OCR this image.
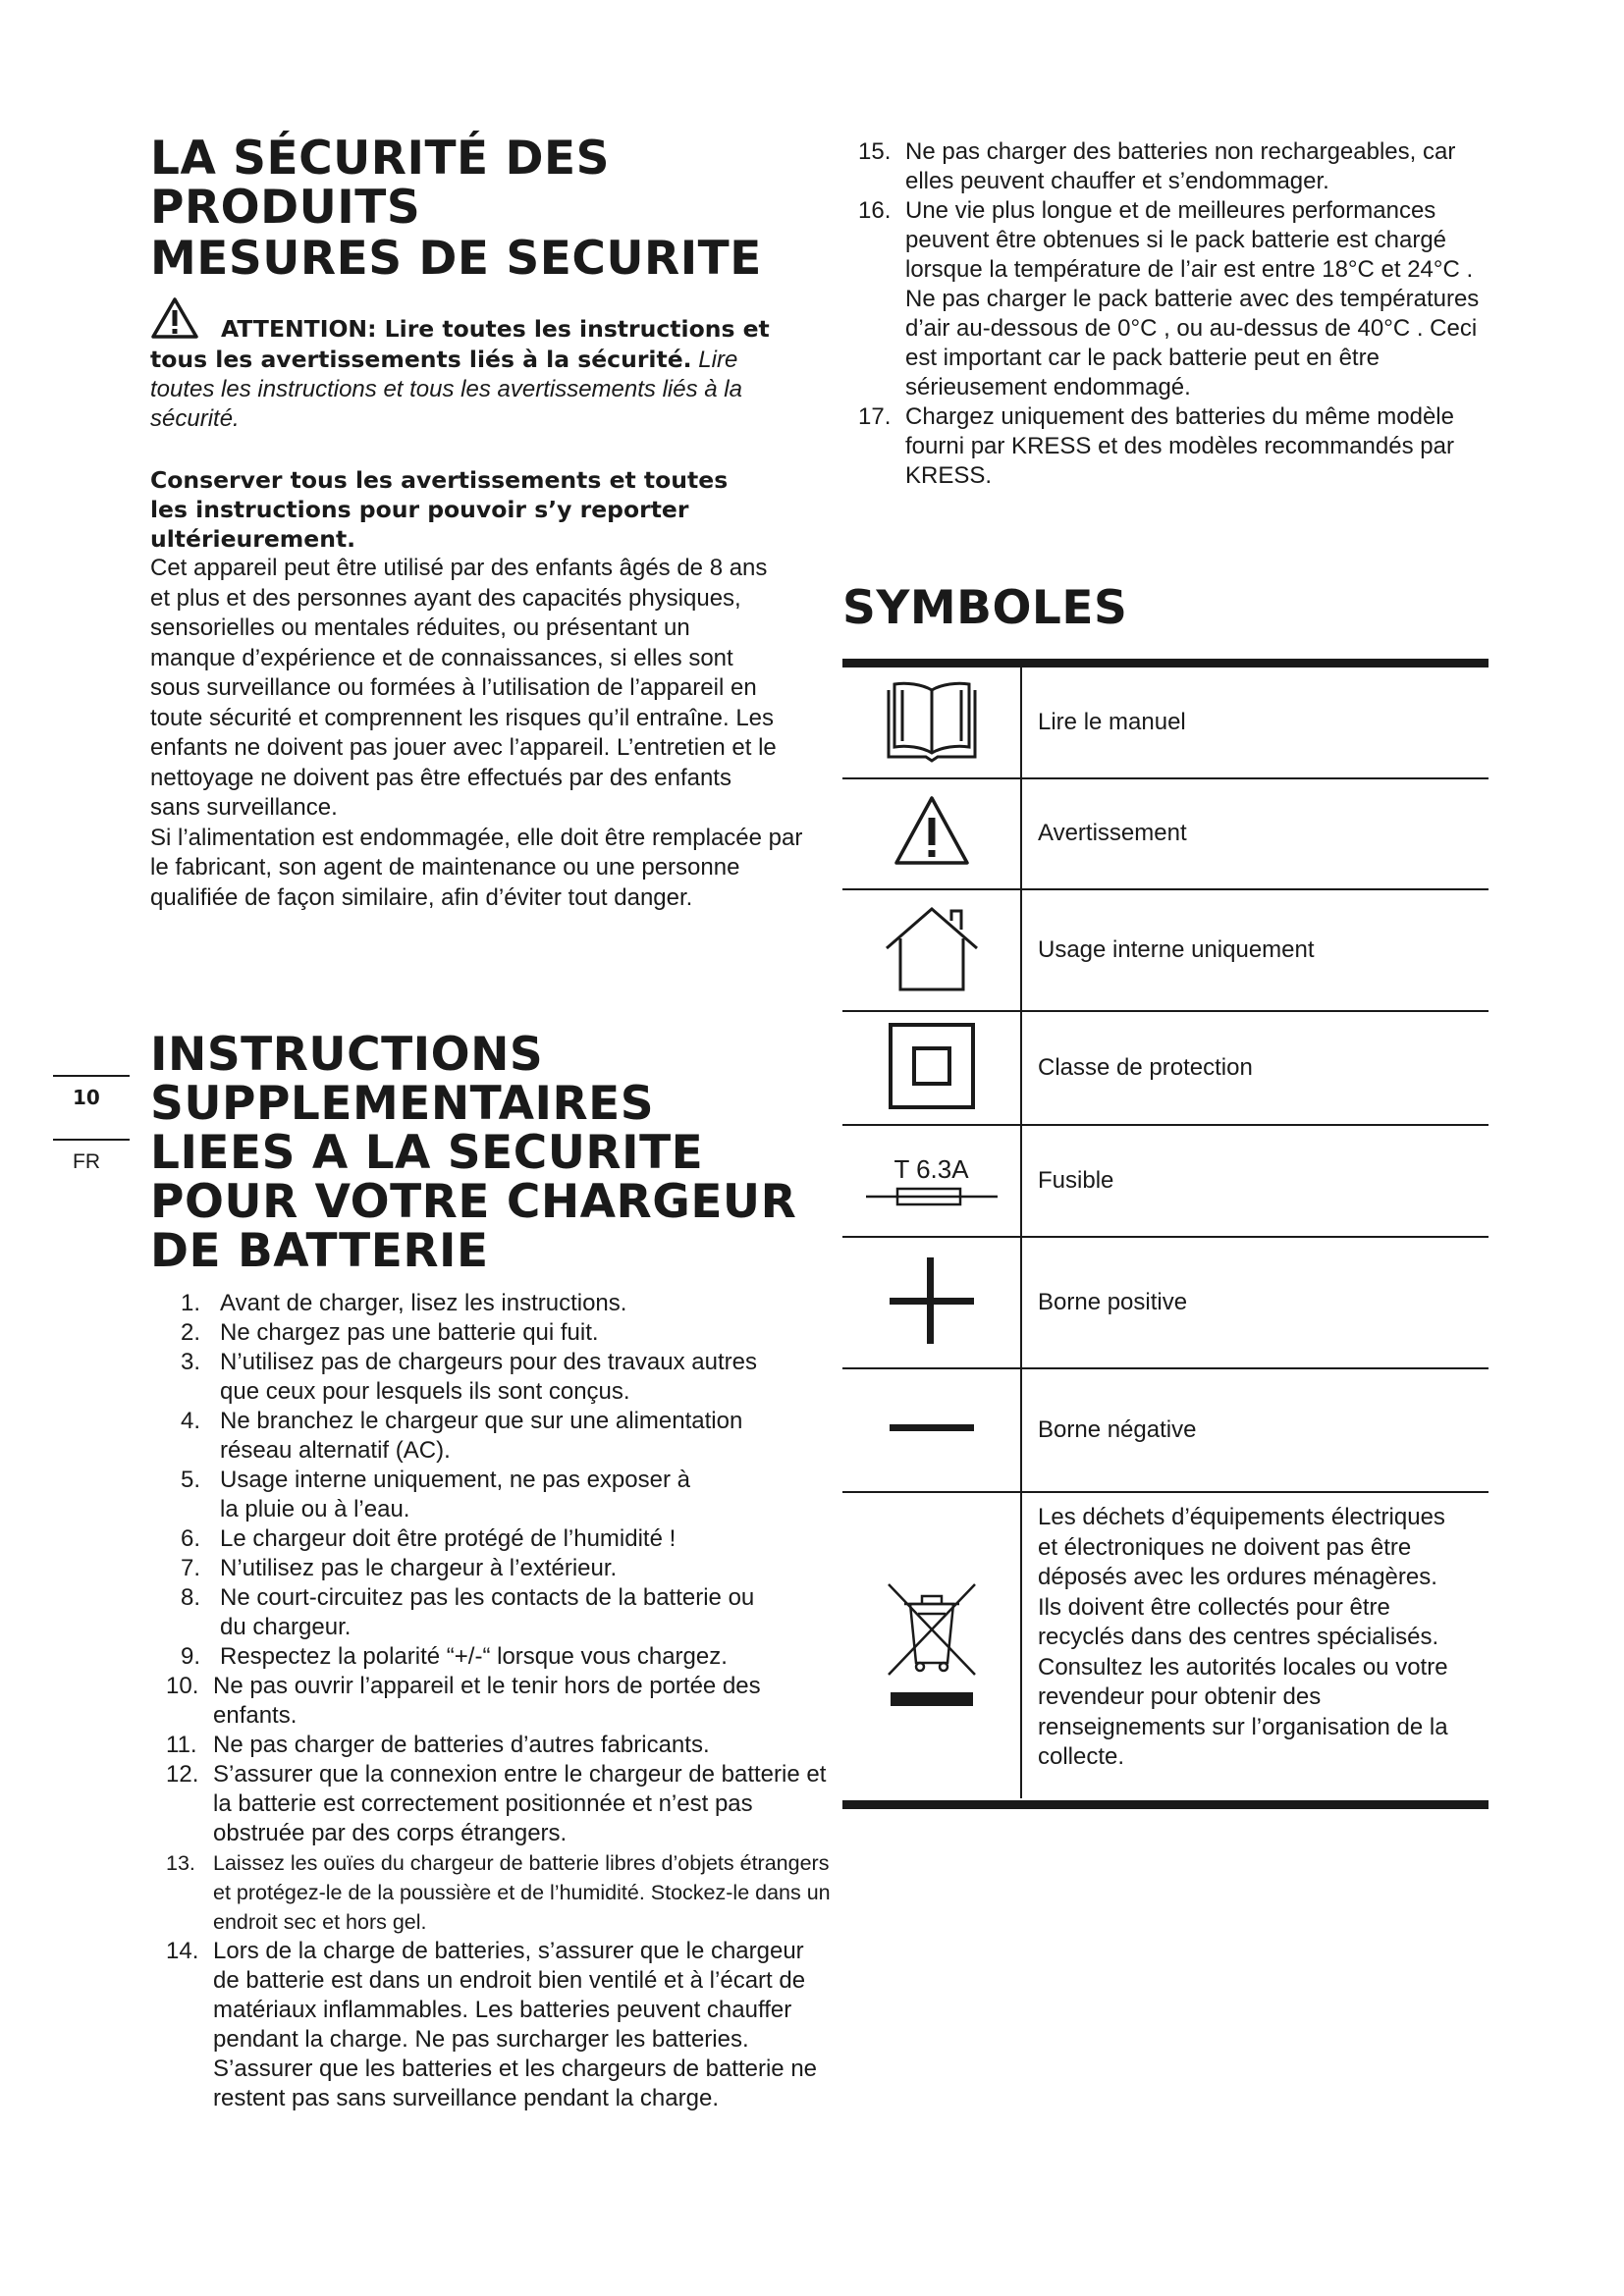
LA SÉCURITÉ DES
PRODUITS
MESURES DE SECURITE
ATTENTION: Lire toutes les instructions et tous les avertissements liés à la sécurité. Lire toutes les instructions et tous les avertissements liés à la sécurité.

Conserver tous les avertissements et toutes les instructions pour pouvoir s’y reporter ultérieurement.

Cet appareil peut être utilisé par des enfants âgés de 8 ans et plus et des personnes ayant des capacités physiques, sensorielles ou mentales réduites, ou présentant un manque d’expérience et de connaissances, si elles sont sous surveillance ou formées à l’utilisation de l’appareil en toute sécurité et comprennent les risques qu’il entraîne. Les enfants ne doivent pas jouer avec l’appareil. L’entretien et le nettoyage ne doivent pas être effectués par des enfants sans surveillance.

Si l’alimentation est endommagée, elle doit être remplacée par le fabricant, son agent de maintenance ou une personne qualifiée de façon similaire, afin d’éviter tout danger.

10
FR
INSTRUCTIONS
SUPPLEMENTAIRES
LIEES A LA SECURITE
POUR VOTRE CHARGEUR
DE BATTERIE
1. Avant de charger, lisez les instructions.
2. Ne chargez pas une batterie qui fuit.
3. N’utilisez pas de chargeurs pour des travaux autres que ceux pour lesquels ils sont conçus.
4. Ne branchez le chargeur que sur une alimentation réseau alternatif (AC).
5. Usage interne uniquement, ne pas exposer à la pluie ou à l’eau.
6. Le chargeur doit être protégé de l’humidité !
7. N’utilisez pas le chargeur à l’extérieur.
8. Ne court-circuitez pas les contacts de la batterie ou du chargeur.
9. Respectez la polarité “+/-“ lorsque vous chargez.
10. Ne pas ouvrir l’appareil et le tenir hors de portée des enfants.
11. Ne pas charger de batteries d’autres fabricants.
12. S’assurer que la connexion entre le chargeur de batterie et la batterie est correctement positionnée et n’est pas obstruée par des corps étrangers.
13. Laissez les ouïes du chargeur de batterie libres d’objets étrangers et protégez-le de la poussière et de l’humidité. Stockez-le dans un endroit sec et hors gel.
14. Lors de la charge de batteries, s’assurer que le chargeur de batterie est dans un endroit bien ventilé et à l’écart de matériaux inflammables. Les batteries peuvent chauffer pendant la charge. Ne pas surcharger les batteries. S’assurer que les batteries et les chargeurs de batterie ne restent pas sans surveillance pendant la charge.
15. Ne pas charger des batteries non rechargeables, car elles peuvent chauffer et s’endommager.
16. Une vie plus longue et de meilleures performances peuvent être obtenues si le pack batterie est chargé lorsque la température de l’air est entre 18°C et 24°C . Ne pas charger le pack batterie avec des températures d’air au-dessous de 0°C , ou au-dessus de 40°C . Ceci est important car le pack batterie peut en être sérieusement endommagé.
17. Chargez uniquement des batteries du même modèle fourni par KRESS et des modèles recommandés par KRESS.
SYMBOLES
	Lire le manuel
	Avertissement
	Usage interne uniquement
	Classe de protection

T 6.3A	Fusible
	Borne positive
	Borne négative
	Les déchets d’équipements électriques et électroniques ne doivent pas être déposés avec les ordures ménagères. Ils doivent être collectés pour être recyclés dans des centres spécialisés. Consultez les autorités locales ou votre revendeur pour obtenir des renseignements sur l’organisation de la collecte.
